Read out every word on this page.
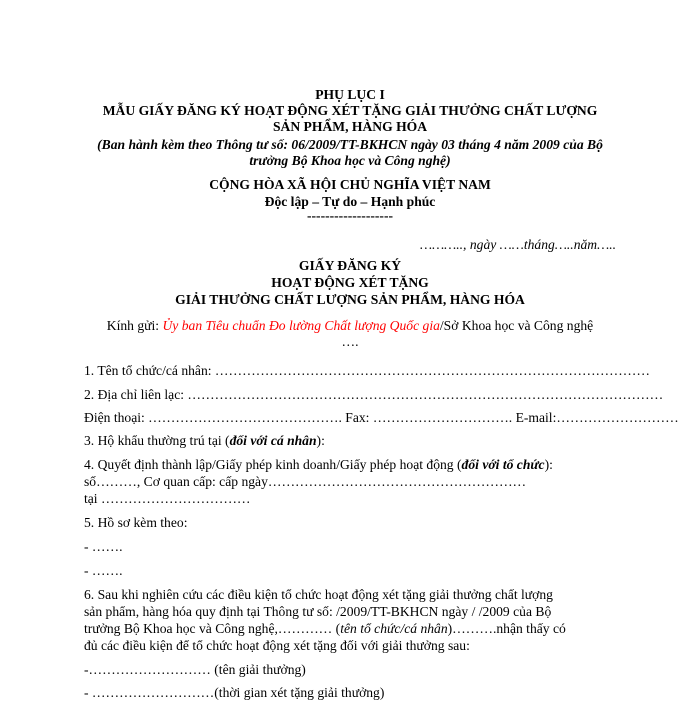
PHỤ LỤC I
MẪU GIẤY ĐĂNG KÝ HOẠT ĐỘNG XÉT TẶNG GIẢI THƯỞNG CHẤT LƯỢNG
SẢN PHẨM, HÀNG HÓA
(Ban hành kèm theo Thông tư số: 06/2009/TT-BKHCN ngày 03 tháng 4 năm 2009 của Bộ
trưởng Bộ Khoa học và Công nghệ)
CỘNG HÒA XÃ HỘI CHỦ NGHĨA VIỆT NAM
Độc lập – Tự do – Hạnh phúc
-------------------
……….., ngày ……tháng…..năm…..
GIẤY ĐĂNG KÝ
HOẠT ĐỘNG XÉT TẶNG
GIẢI THƯỞNG CHẤT LƯỢNG SẢN PHẨM, HÀNG HÓA
Kính gửi: Ủy ban Tiêu chuẩn Đo lường Chất lượng Quốc gia/Sở Khoa học và Công nghệ
….
1. Tên tổ chức/cá nhân: ……………………………………………………………………………………
2. Địa chỉ liên lạc: ……………………………………………………………………………………………
Điện thoại: ……………………………………. Fax: …………………………. E-mail:………………………
3. Hộ khẩu thường trú tại (đối với cá nhân):
4. Quyết định thành lập/Giấy phép kinh doanh/Giấy phép hoạt động (đối với tổ chức):
số………, Cơ quan cấp: cấp ngày…………………………………………………
tại ……………………………
5. Hồ sơ kèm theo:
- …….
- …….
6. Sau khi nghiên cứu các điều kiện tổ chức hoạt động xét tặng giải thưởng chất lượng
sản phẩm, hàng hóa quy định tại Thông tư số: /2009/TT-BKHCN ngày / /2009 của Bộ
trưởng Bộ Khoa học và Công nghệ,………… (tên tổ chức/cá nhân)……….nhận thấy có
đủ các điều kiện để tổ chức hoạt động xét tặng đối với giải thưởng sau:
-……………………… (tên giải thưởng)
- ………………………(thời gian xét tặng giải thưởng)
